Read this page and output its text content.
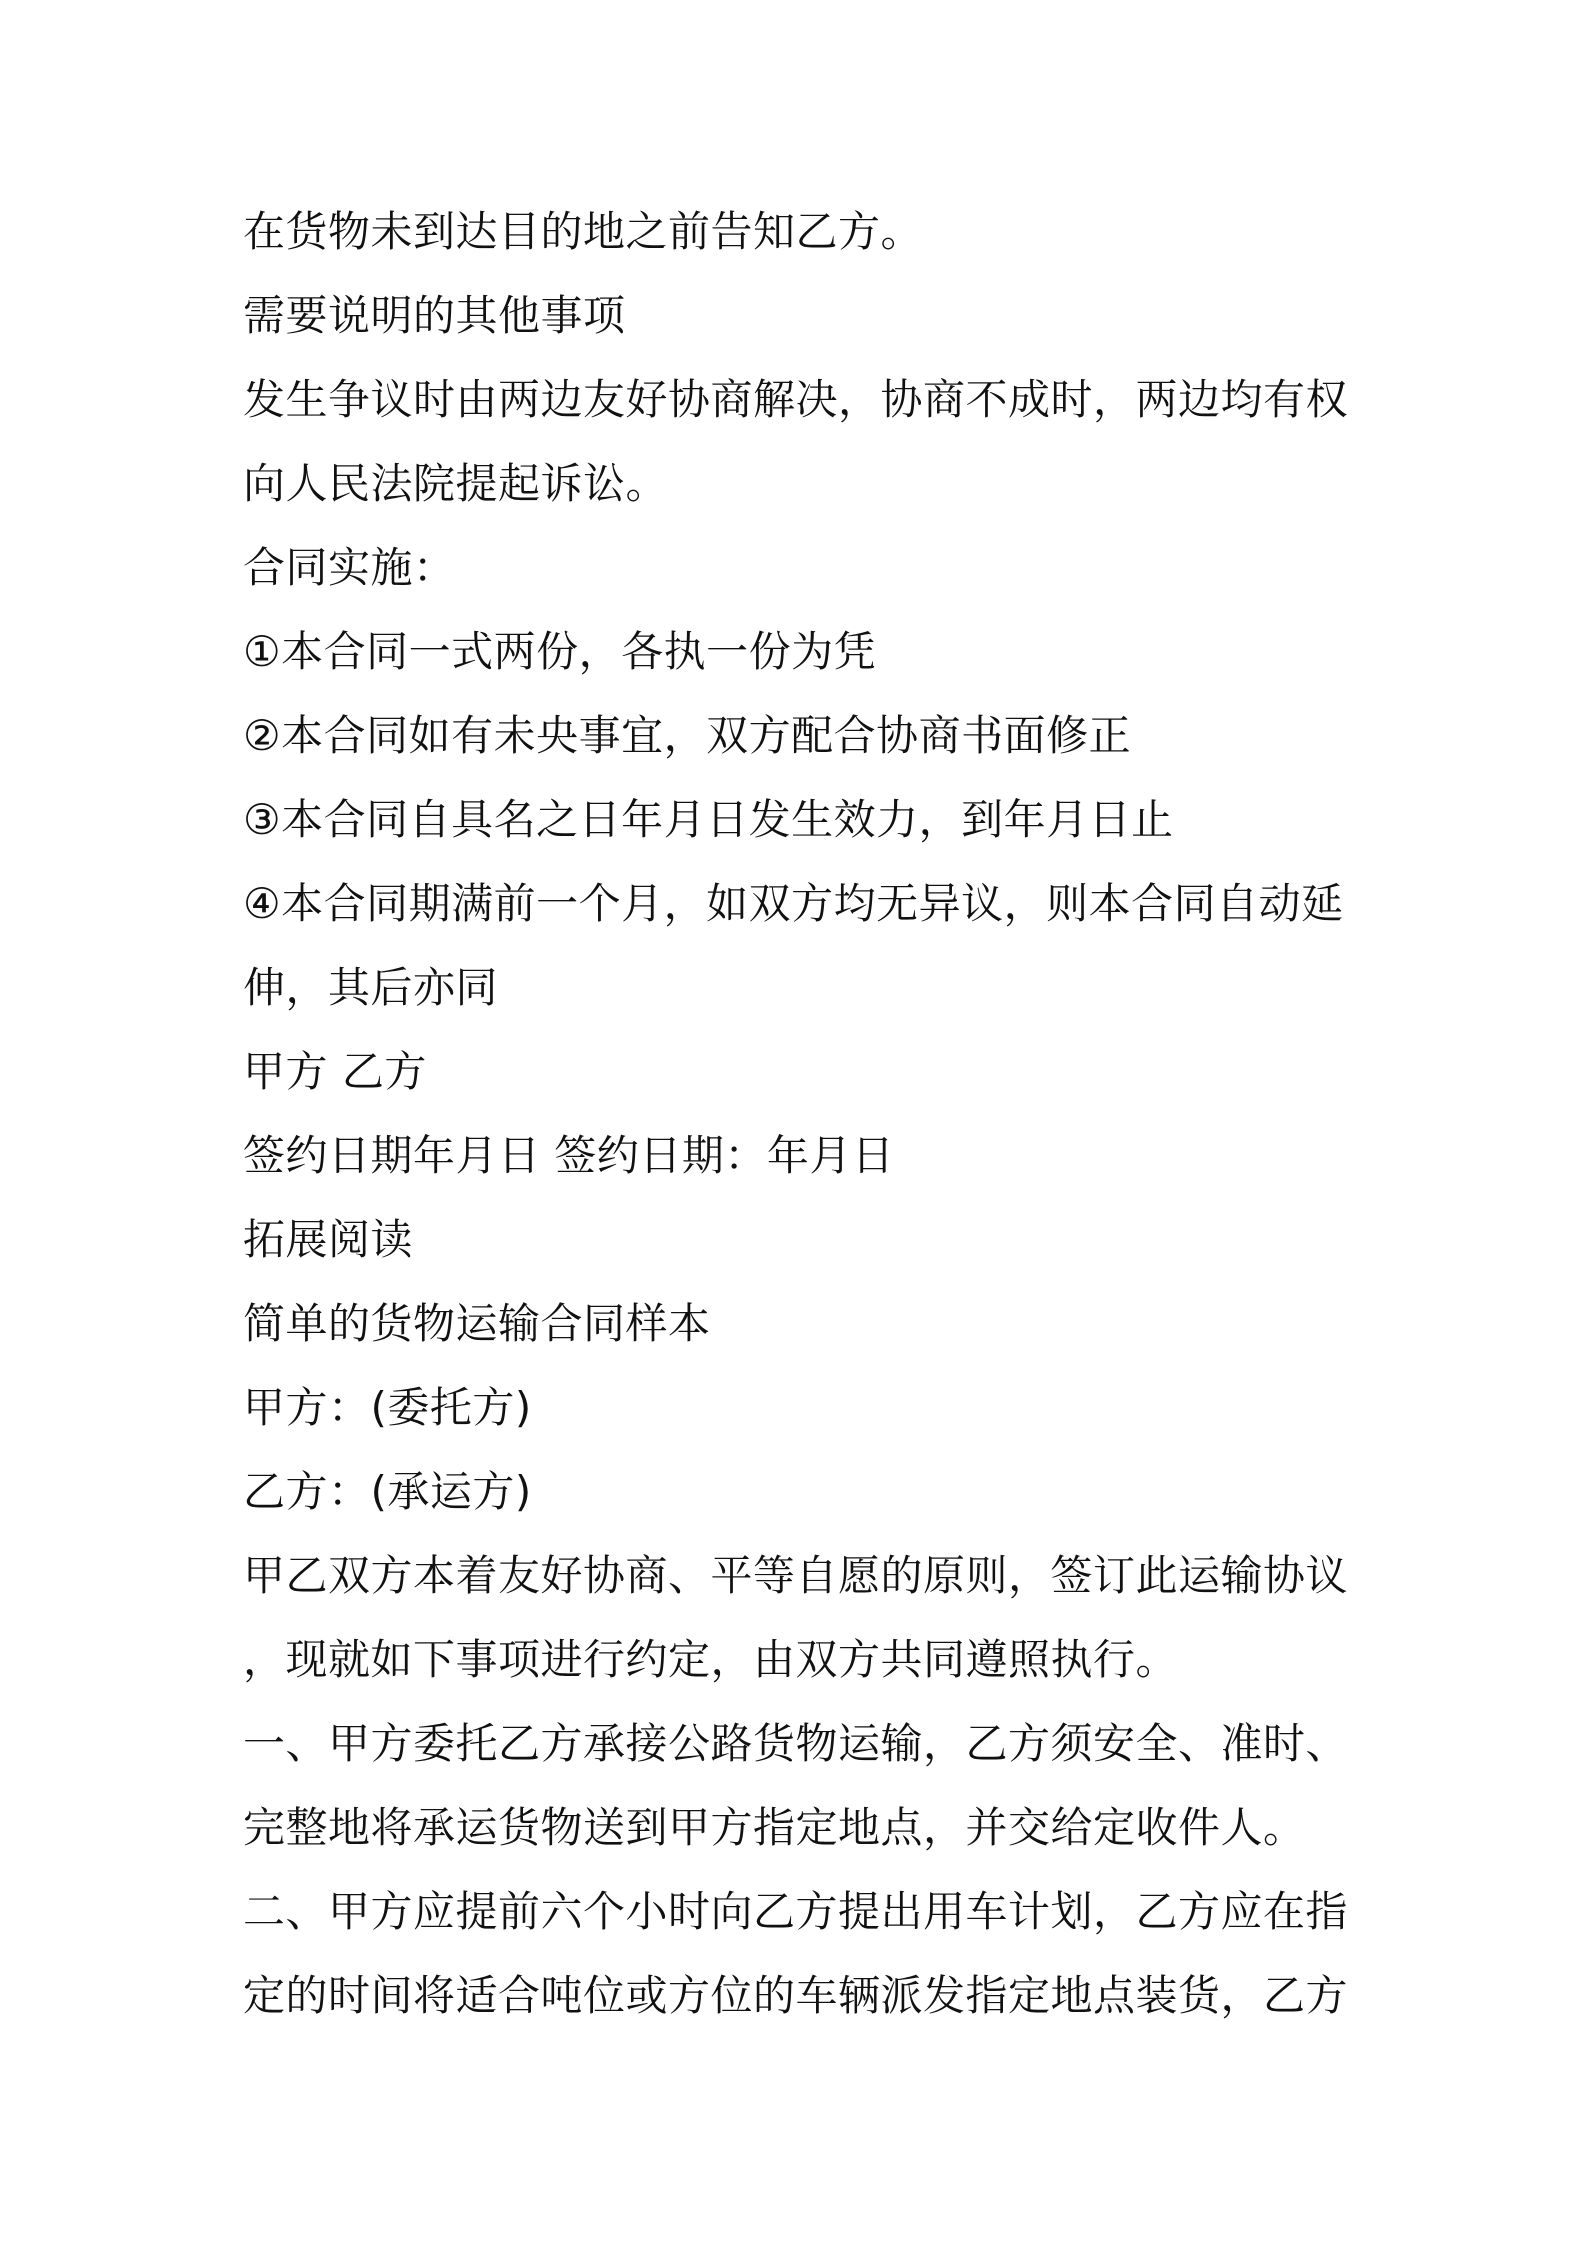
在货物未到达目的地之前告知乙方。
需要说明的其他事项
发生争议时由两边友好协商解决，协商不成时，两边均有权
向人民法院提起诉讼。
合同实施：
①本合同一式两份，各执一份为凭
②本合同如有未央事宜，双方配合协商书面修正
③本合同自具名之日年月日发生效力，到年月日止
④本合同期满前一个月，如双方均无异议，则本合同自动延
伸，其后亦同
甲方 乙方
签约日期年月日 签约日期：年月日
拓展阅读
简单的货物运输合同样本
甲方：(委托方)
乙方：(承运方)
甲乙双方本着友好协商、平等自愿的原则，签订此运输协议
，现就如下事项进行约定，由双方共同遵照执行。
一、甲方委托乙方承接公路货物运输，乙方须安全、准时、
完整地将承运货物送到甲方指定地点，并交给定收件人。
二、甲方应提前六个小时向乙方提出用车计划，乙方应在指
定的时间将适合吨位或方位的车辆派发指定地点装货，乙方
